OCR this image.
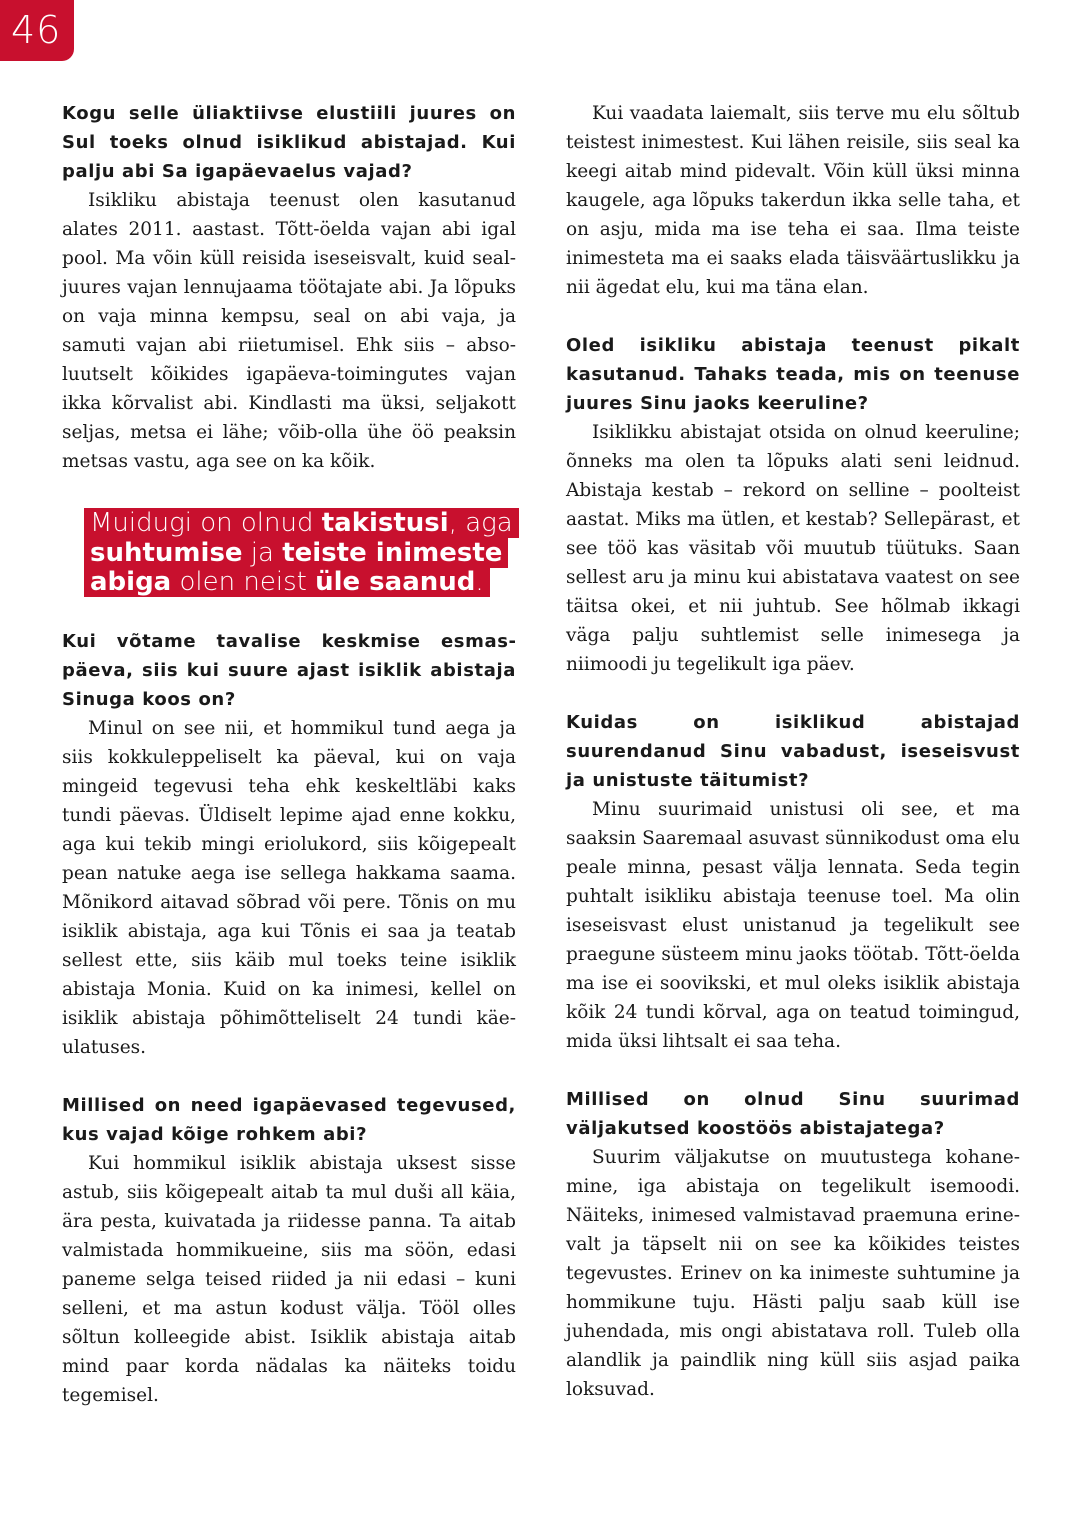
46

Kogu selle üliaktiivse elustiili juures on Sul toeks olnud isiklikud abistajad. Kui palju abi Sa igapäevaelus vajad?

Isikliku abistaja teenust olen kasutanud alates 2011. aastast. Tõtt-öelda vajan abi igal pool. Ma võin küll reisida iseseisvalt, kuid sealjuures vajan lennujaama töötajate abi. Ja lõpuks on vaja minna kempsu, seal on abi vaja, ja samuti vajan abi riietumisel. Ehk siis – absoluutselt kõikides igapäeva-toimingutes vajan ikka kõrvalist abi. Kindlasti ma üksi, seljakott seljas, metsa ei lähe; võib-olla ühe öö peaksin metsas vastu, aga see on ka kõik.

Muidugi on olnud takistusi, aga suhtumise ja teiste inimeste abiga olen neist üle saanud.

Kui võtame tavalise keskmise esmaspäeva, siis kui suure ajast isiklik abistaja Sinuga koos on?

Minul on see nii, et hommikul tund aega ja siis kokkuleppeliselt ka päeval, kui on vaja mingeid tegevusi teha ehk keskeltläbi kaks tundi päevas. Üldiselt lepime ajad enne kokku, aga kui tekib mingi eriolukord, siis kõigepealt pean natuke aega ise sellega hakkama saama. Mõnikord aitavad sõbrad või pere. Tõnis on mu isiklik abistaja, aga kui Tõnis ei saa ja teatab sellest ette, siis käib mul toeks teine isiklik abistaja Monia. Kuid on ka inimesi, kellel on isiklik abistaja põhimõtteliselt 24 tundi käeulatuses.

Millised on need igapäevased tegevused, kus vajad kõige rohkem abi?

Kui hommikul isiklik abistaja uksest sisse astub, siis kõigepealt aitab ta mul duši all käia, ära pesta, kuivatada ja riidesse panna. Ta aitab valmistada hommikueine, siis ma söön, edasi paneme selga teised riided ja nii edasi – kuni selleni, et ma astun kodust välja. Tööl olles sõltun kolleegide abist. Isiklik abistaja aitab mind paar korda nädalas ka näiteks toidu tegemisel.

Kui vaadata laiemalt, siis terve mu elu sõltub teistest inimestest. Kui lähen reisile, siis seal ka keegi aitab mind pidevalt. Võin küll üksi minna kaugele, aga lõpuks takerdun ikka selle taha, et on asju, mida ma ise teha ei saa. Ilma teiste inimesteta ma ei saaks elada täisväärtuslikku ja nii ägedat elu, kui ma täna elan.

Oled isikliku abistaja teenust pikalt kasutanud. Tahaks teada, mis on teenuse juures Sinu jaoks keeruline?

Isiklikku abistajat otsida on olnud keeruline; õnneks ma olen ta lõpuks alati seni leidnud. Abistaja kestab – rekord on selline – poolteist aastat. Miks ma ütlen, et kestab? Sellepärast, et see töö kas väsitab või muutub tüütuks. Saan sellest aru ja minu kui abistatava vaatest on see täitsa okei, et nii juhtub. See hõlmab ikkagi väga palju suhtlemist selle inimesega ja niimoodi ju tegelikult iga päev.

Kuidas on isiklikud abistajad suurendanud Sinu vabadust, iseseisvust ja unistuste täitumist?

Minu suurimaid unistusi oli see, et ma saaksin Saaremaal asuvast sünnikodust oma elu peale minna, pesast välja lennata. Seda tegin puhtalt isikliku abistaja teenuse toel. Ma olin iseseisvast elust unistanud ja tegelikult see praegune süsteem minu jaoks töötab. Tõtt-öelda ma ise ei soovikski, et mul oleks isiklik abistaja kõik 24 tundi kõrval, aga on teatud toimingud, mida üksi lihtsalt ei saa teha.

Millised on olnud Sinu suurimad väljakutsed koostöös abistajatega?

Suurim väljakutse on muutustega kohanemine, iga abistaja on tegelikult isemoodi. Näiteks, inimesed valmistavad praemuna erinevalt ja täpselt nii on see ka kõikides teistes tegevustes. Erinev on ka inimeste suhtumine ja hommikune tuju. Hästi palju saab küll ise juhendada, mis ongi abistatava roll. Tuleb olla alandlik ja paindlik ning küll siis asjad paika loksuvad.
